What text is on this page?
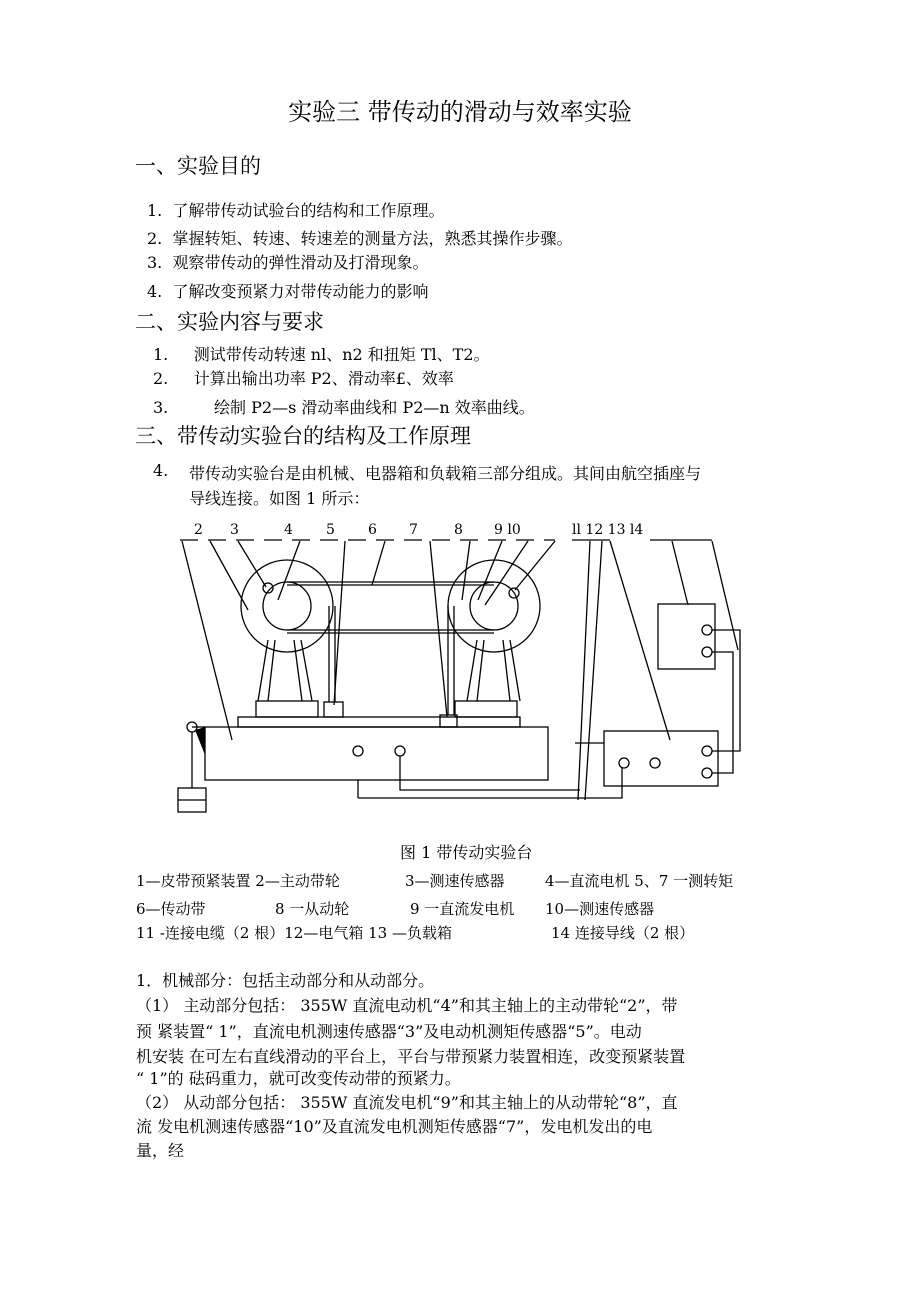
实验三 带传动的滑动与效率实验
一、实验目的
1. 了解带传动试验台的结构和工作原理。
2. 掌握转矩、转速、转速差的测量方法，熟悉其操作步骤。
3. 观察带传动的弹性滑动及打滑现象。
4. 了解改变预紧力对带传动能力的影响
二、实验内容与要求
1. 测试带传动转速 nl、n2 和扭矩 Tl、T2。
2. 计算出输出功率 P2、滑动率£、效率
3.	绘制 P2—s 滑动率曲线和 P2—n 效率曲线。
三、带传动实验台的结构及工作原理
4. 带传动实验台是由机械、电器箱和负载箱三部分组成。其间由航空插座与
导线连接。如图 1 所示：
2 3	4 5 6 7	8 9 l0	ll 12 13 l4
图 1 带传动实验台
1—皮带预紧装置 2—主动带轮	3—测速传感器	4—直流电机 5、7 一测转矩
6—传动带	8 一从动轮	9 一直流发电机 10—测速传感器
11 -连接电缆（2 根）12—电气箱 13 —负载箱	14 连接导线（2 根）
1．机械部分：包括主动部分和从动部分。
（1） 主动部分包括： 355W 直流电动机“4”和其主轴上的主动带轮“2”，带
预 紧装置“ 1”，直流电机测速传感器“3”及电动机测矩传感器“5”。电动
机安装 在可左右直线滑动的平台上，平台与带预紧力装置相连，改变预紧装置
“ 1”的 砝码重力，就可改变传动带的预紧力。
（2） 从动部分包括： 355W 直流发电机“9”和其主轴上的从动带轮“8”，直
流 发电机测速传感器“10”及直流发电机测矩传感器“7”，发电机发出的电
量，经
